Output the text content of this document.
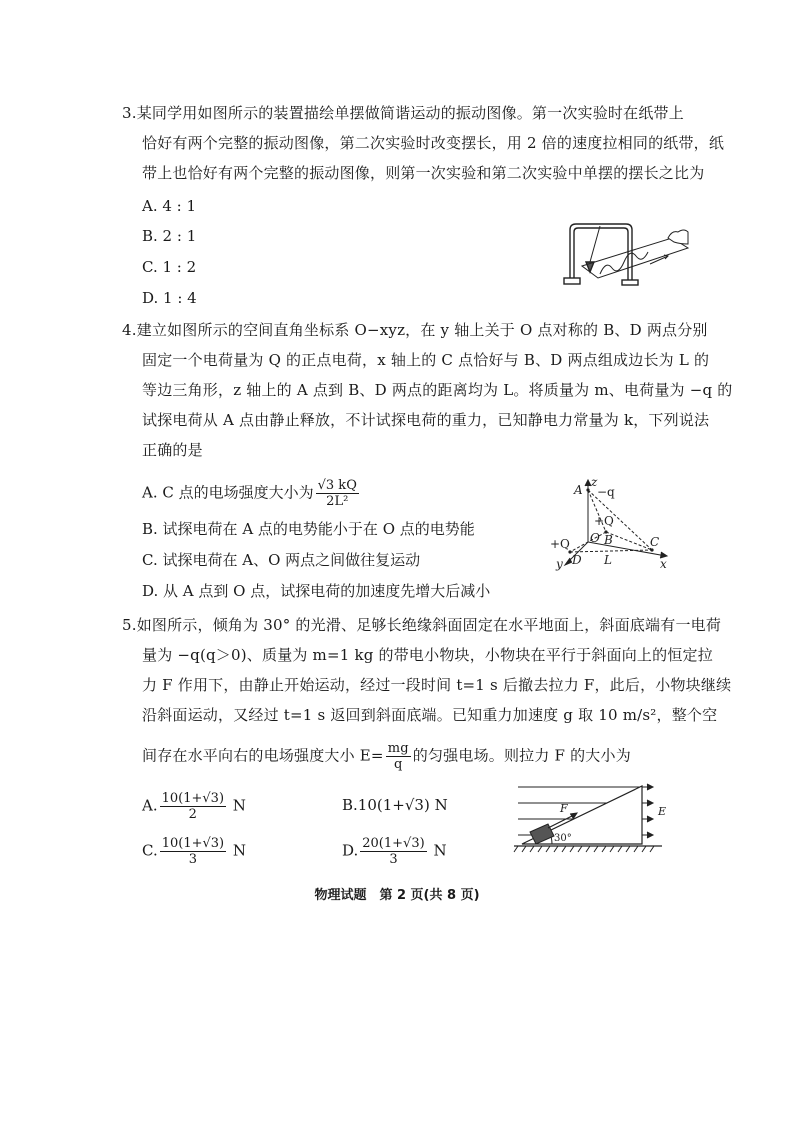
3.某同学用如图所示的装置描绘单摆做简谐运动的振动图像。第一次实验时在纸带上
恰好有两个完整的振动图像，第二次实验时改变摆长，用 2 倍的速度拉相同的纸带，纸
带上也恰好有两个完整的振动图像，则第一次实验和第二次实验中单摆的摆长之比为
A. 4 : 1
B. 2 : 1
C. 1 : 2
D. 1 : 4
4.建立如图所示的空间直角坐标系 O−xyz，在 y 轴上关于 O 点对称的 B、D 两点分别
固定一个电荷量为 Q 的正点电荷，x 轴上的 C 点恰好与 B、D 两点组成边长为 L 的
等边三角形，z 轴上的 A 点到 B、D 两点的距离均为 L。将质量为 m、电荷量为 −q 的
试探电荷从 A 点由静止释放，不计试探电荷的重力，已知静电力常量为 k，下列说法
正确的是
A. C 点的电场强度大小为 $\frac{√3 kQ}{\text{2L²}}$
B. 试探电荷在 A 点的电势能小于在 O 点的电势能
C. 试探电荷在 A、O 两点之间做往复运动
D. 从 A 点到 O 点，试探电荷的加速度先增大后减小
A
z
−q
+Q
B
O
+Q	C
x
y D L
5.如图所示，倾角为 30° 的光滑、足够长绝缘斜面固定在水平地面上，斜面底端有一电荷
量为 −q(q＞0)、质量为 m=1 kg 的带电小物块，小物块在平行于斜面向上的恒定拉
力 F 作用下，由静止开始运动，经过一段时间 t=1 s 后撤去拉力 F，此后，小物块继续
沿斜面运动，又经过 t=1 s 返回到斜面底端。已知重力加速度 g 取 10 m/s²，整个空
间存在水平向右的电场强度大小 $E= \frac{mg}{q}$ 的匀强电场。则拉力 F 的大小为
A. $\frac{10(1+√3)}{2}$ N	B.10(1+√3) N
C. $\frac{10(1+√3)}{3}$ N	D. $\frac{20(1+√3)}{3}$ N
F	E
30°
物理试题　第 2 页(共 8 页)
